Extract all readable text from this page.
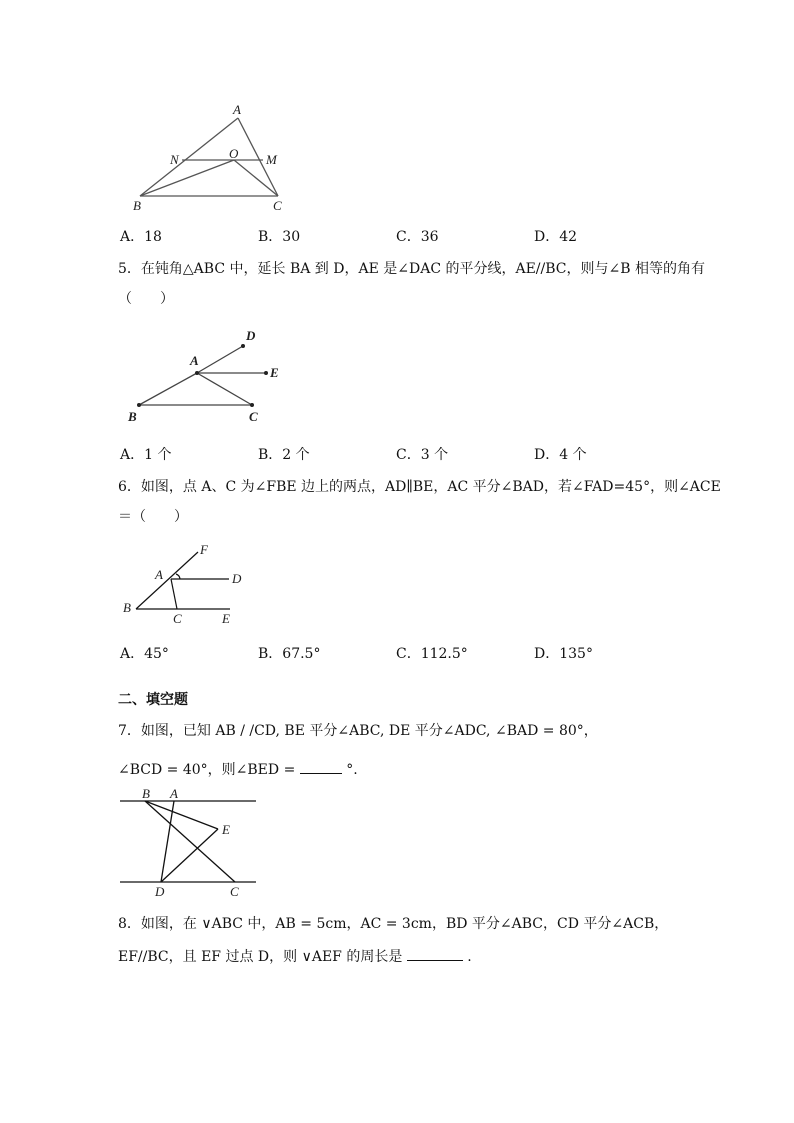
A
N	O M
B	C
A．18	B．30	C．36	D．42
5．在钝角△ABC 中，延长 BA 到 D，AE 是∠DAC 的平分线，AE//BC，则与∠B 相等的角有
（　　）
D
A
E
B	C
A．1 个	B．2 个	C．3 个	D．4 个
6．如图，点 A、C 为∠FBE 边上的两点，AD∥BE，AC 平分∠BAD，若∠FAD=45°，则∠ACE
＝（　　）
F
A	D
B
C	E
A．45°	B．67.5°	C．112.5°	D．135°
二、填空题
7．如图，已知 AB / /CD, BE 平分∠ABC, DE 平分∠ADC, ∠BAD = 80°，
∠BCD = 40°，则∠BED =	°.
B A
E
D	C
8．如图，在 ∨ABC 中，AB = 5cm，AC = 3cm，BD 平分∠ABC，CD 平分∠ACB，
EF//BC，且 EF 过点 D，则 ∨AEF 的周长是	.
